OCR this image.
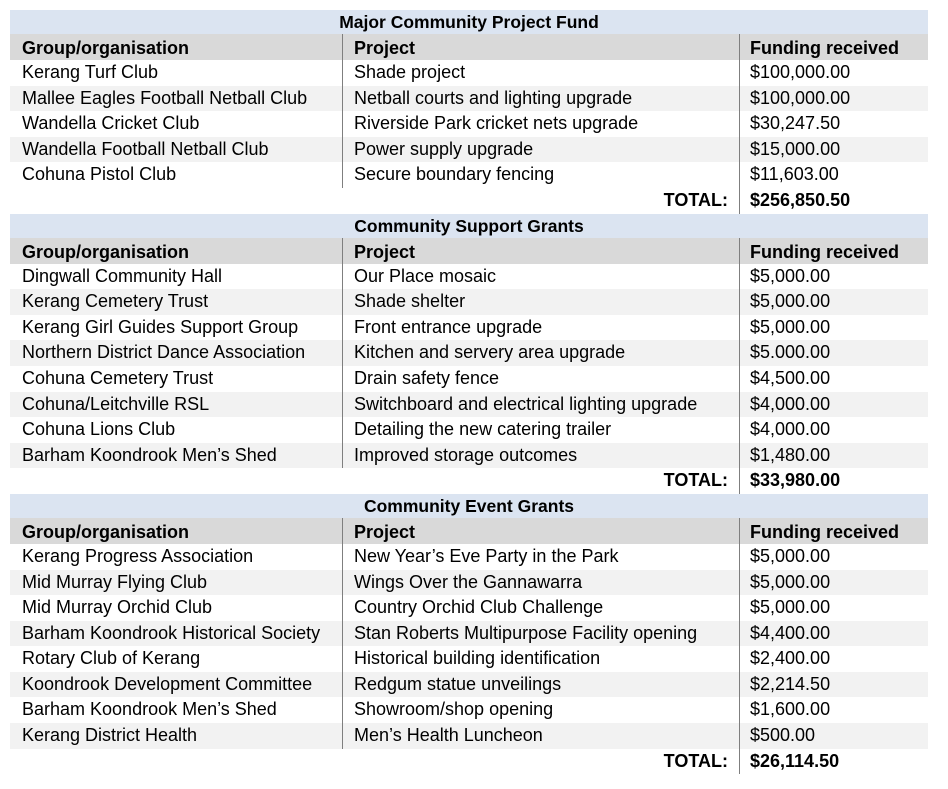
Major Community Project Fund
Group/organisation	Project	Funding received
Kerang Turf Club	Shade project	$100,000.00
Mallee Eagles Football Netball Club	Netball courts and lighting upgrade	$100,000.00
Wandella Cricket Club	Riverside Park cricket nets upgrade	$30,247.50
Wandella Football Netball Club	Power supply upgrade	$15,000.00
Cohuna Pistol Club	Secure boundary fencing	$11,603.00
TOTAL:	$256,850.50
Community Support Grants
Group/organisation	Project	Funding received
Dingwall Community Hall	Our Place mosaic	$5,000.00
Kerang Cemetery Trust	Shade shelter	$5,000.00
Kerang Girl Guides Support Group	Front entrance upgrade	$5,000.00
Northern District Dance Association	Kitchen and servery area upgrade	$5.000.00
Cohuna Cemetery Trust	Drain safety fence	$4,500.00
Cohuna/Leitchville RSL	Switchboard and electrical lighting upgrade	$4,000.00
Cohuna Lions Club	Detailing the new catering trailer	$4,000.00
Barham Koondrook Men’s Shed	Improved storage outcomes	$1,480.00
TOTAL:	$33,980.00
Community Event Grants
Group/organisation	Project	Funding received
Kerang Progress Association	New Year’s Eve Party in the Park	$5,000.00
Mid Murray Flying Club	Wings Over the Gannawarra	$5,000.00
Mid Murray Orchid Club	Country Orchid Club Challenge	$5,000.00
Barham Koondrook Historical Society	Stan Roberts Multipurpose Facility opening	$4,400.00
Rotary Club of Kerang	Historical building identification	$2,400.00
Koondrook Development Committee	Redgum statue unveilings	$2,214.50
Barham Koondrook Men’s Shed	Showroom/shop opening	$1,600.00
Kerang District Health	Men’s Health Luncheon	$500.00
TOTAL:	$26,114.50
